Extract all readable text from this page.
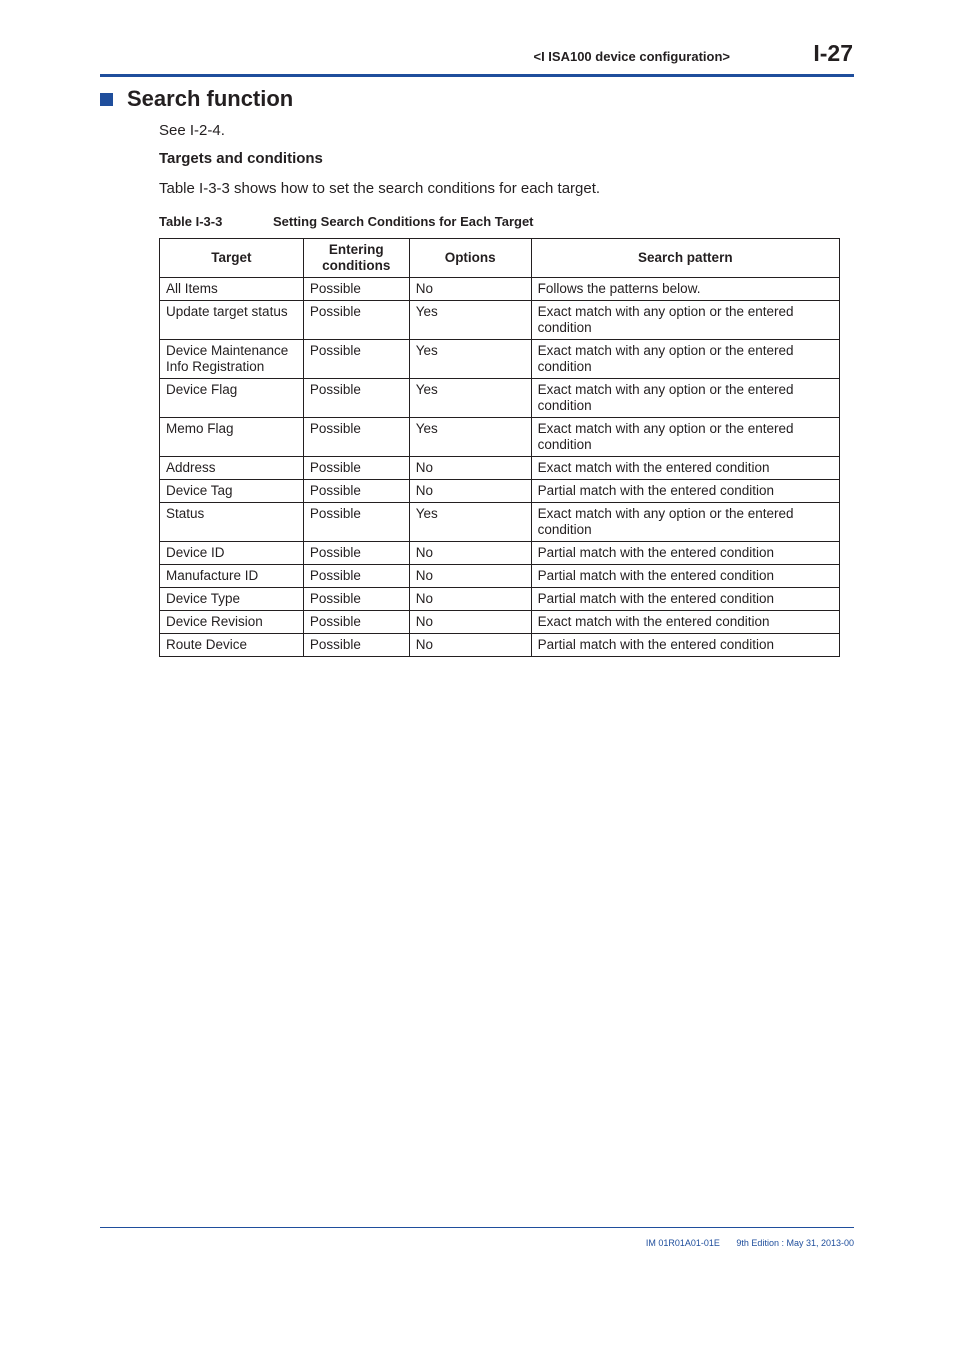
<I ISA100 device configuration>	I-27
Search function
See I-2-4.
Targets and conditions
Table I-3-3 shows how to set the search conditions for each target.
Table I-3-3	Setting Search Conditions for Each Target
Target	Entering conditions	Options	Search pattern
All Items	Possible	No	Follows the patterns below.
Update target status	Possible	Yes	Exact match with any option or the entered condition
Device Maintenance Info Registration	Possible	Yes	Exact match with any option or the entered condition
Device Flag	Possible	Yes	Exact match with any option or the entered condition
Memo Flag	Possible	Yes	Exact match with any option or the entered condition
Address	Possible	No	Exact match with the entered condition
Device Tag	Possible	No	Partial match with the entered condition
Status	Possible	Yes	Exact match with any option or the entered condition
Device ID	Possible	No	Partial match with the entered condition
Manufacture ID	Possible	No	Partial match with the entered condition
Device Type	Possible	No	Partial match with the entered condition
Device Revision	Possible	No	Exact match with the entered condition
Route Device	Possible	No	Partial match with the entered condition
IM 01R01A01-01E 9th Edition : May 31, 2013-00
